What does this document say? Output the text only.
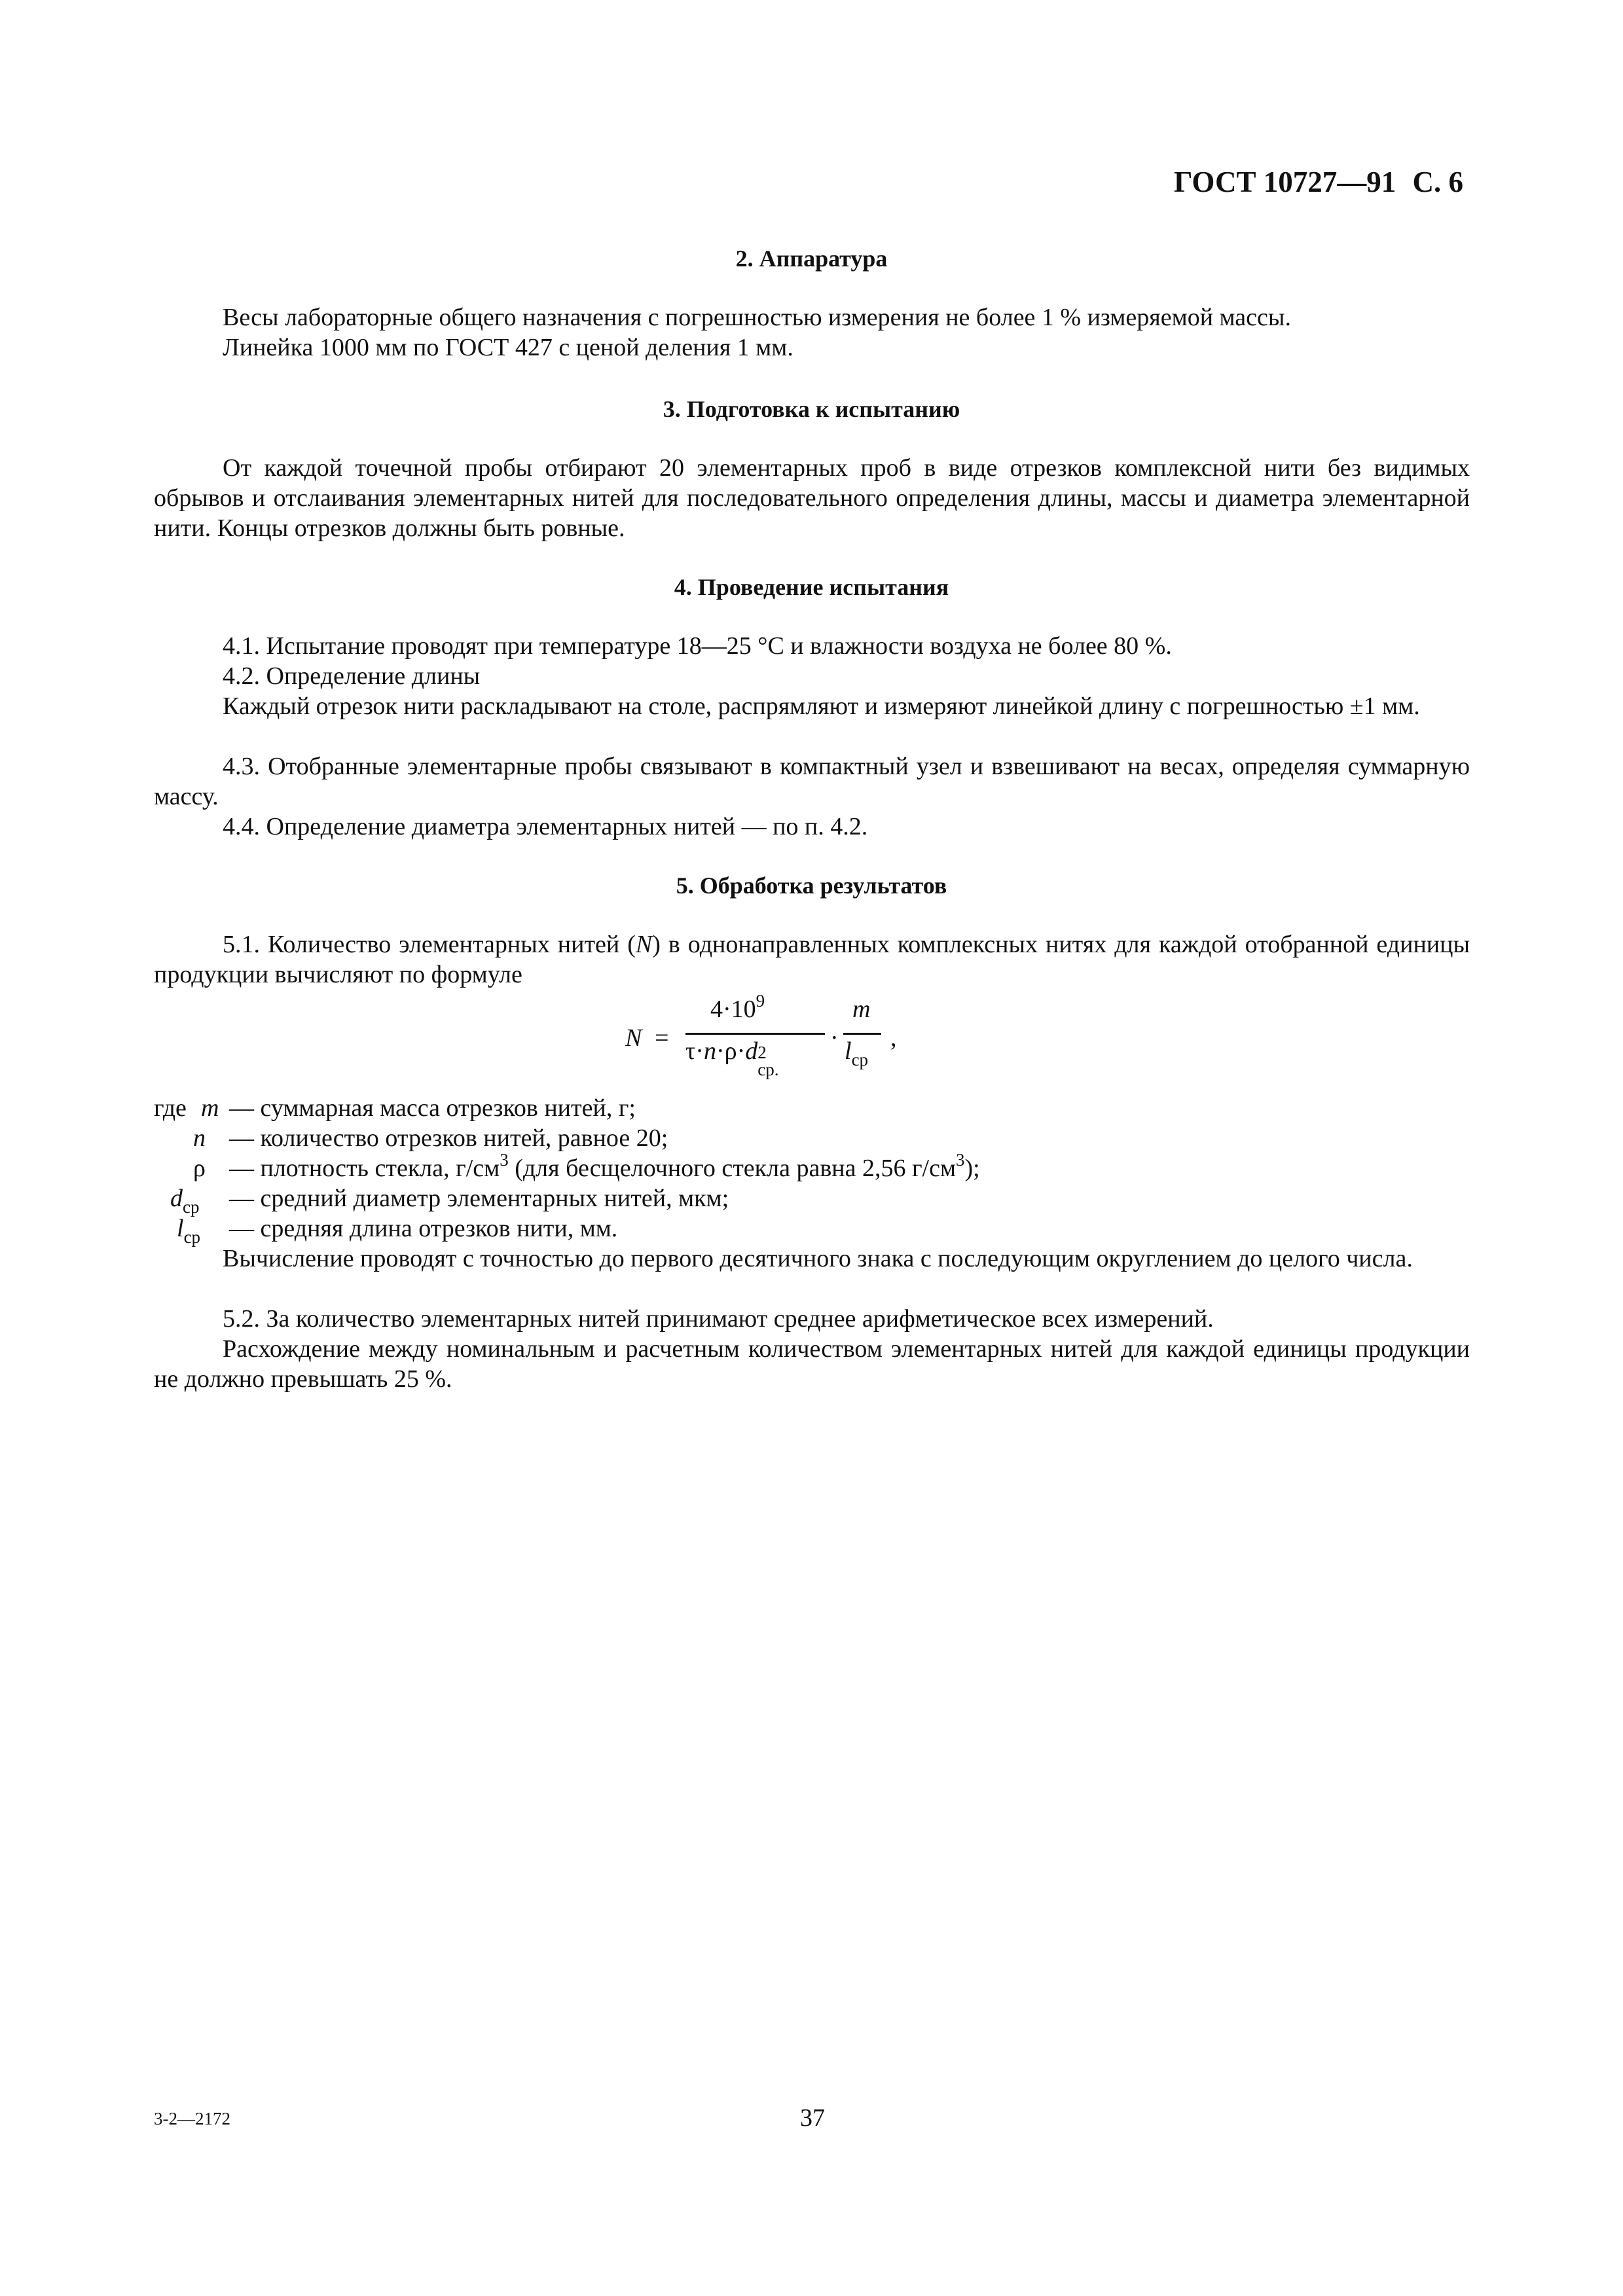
ГОСТ 10727—91 С. 6
2. Аппаратура

Весы лабораторные общего назначения с погрешностью измерения не более 1 % измеряемой массы.

Линейка 1000 мм по ГОСТ 427 с ценой деления 1 мм.

3. Подготовка к испытанию

От каждой точечной пробы отбирают 20 элементарных проб в виде отрезков комплексной нити без видимых обрывов и отслаивания элементарных нитей для последовательного определения длины, массы и диаметра элементарной нити. Концы отрезков должны быть ровные.

4. Проведение испытания

4.1. Испытание проводят при температуре 18—25 °С и влажности воздуха не более 80 %.

4.2. Определение длины

Каждый отрезок нити раскладывают на столе, распрямляют и измеряют линейкой длину с погрешностью ±1 мм.

4.3. Отобранные элементарные пробы связывают в компактный узел и взвешивают на весах, определяя суммарную массу.

4.4. Определение диаметра элементарных нитей — по п. 4.2.

5. Обработка результатов

5.1. Количество элементарных нитей (N) в однонаправленных комплексных нитях для каждой отобранной единицы продукции вычисляют по формуле

N =
$4\cdot 10^9$
τ·n·ρ·d 2
ср.
·
m
$l_{ср}$
,
где m — суммарная масса отрезков нитей, г;
n — количество отрезков нитей, равное 20;
ρ — плотность стекла, $г/см^3$ (для бесщелочного стекла равна 2,56 $г/см^3$);
$d_{ср}$ — средний диаметр элементарных нитей, мкм;
$l_{ср}$ — средняя длина отрезков нити, мм.

Вычисление проводят с точностью до первого десятичного знака с последующим округлением до целого числа.

5.2. За количество элементарных нитей принимают среднее арифметическое всех измерений.

Расхождение между номинальным и расчетным количеством элементарных нитей для каждой единицы продукции не должно превышать 25 %.

3-2—2172	37
